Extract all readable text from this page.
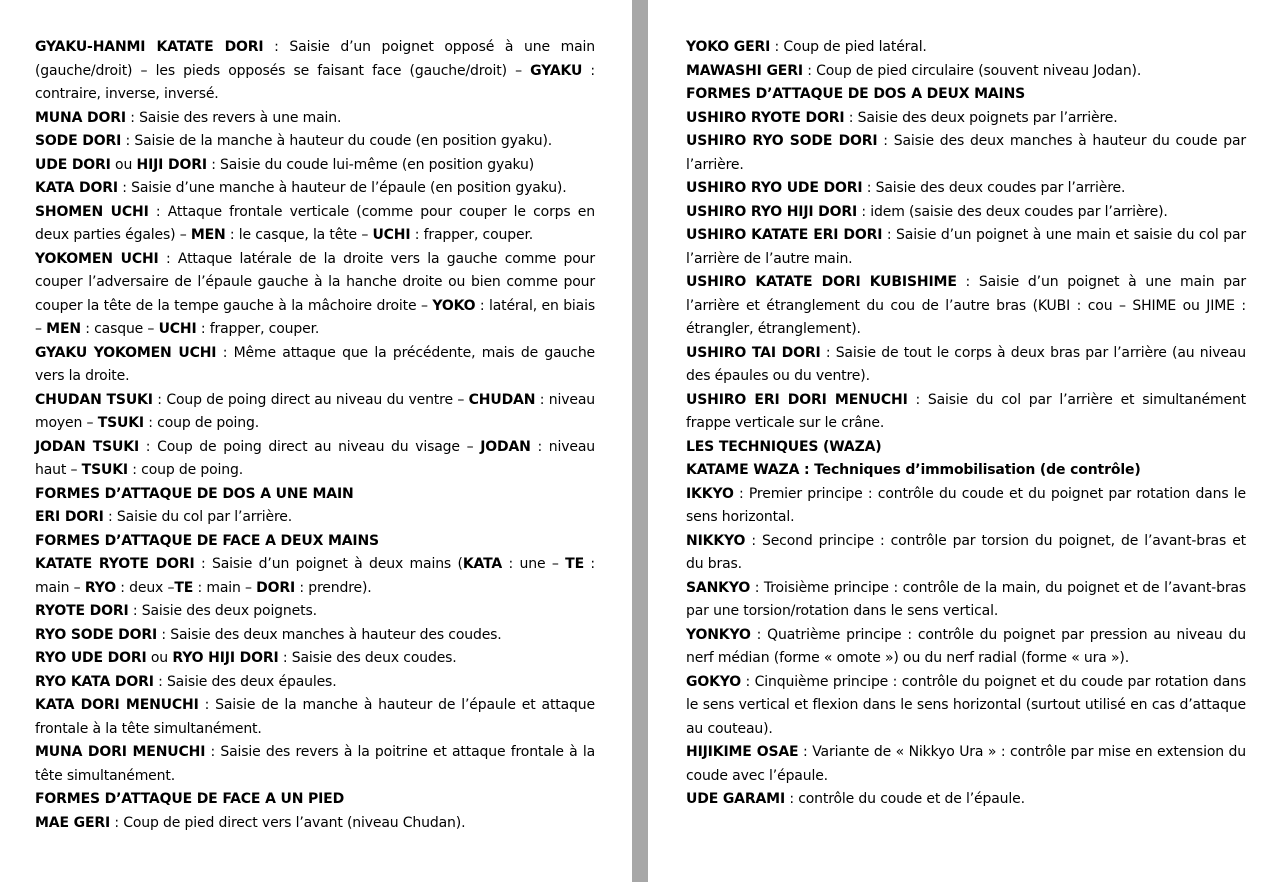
GYAKU-HANMI KATATE DORI : Saisie d’un poignet opposé à une main (gauche/droit) – les pieds opposés se faisant face (gauche/droit) – GYAKU : contraire, inverse, inversé.

MUNA DORI : Saisie des revers à une main.

SODE DORI : Saisie de la manche à hauteur du coude (en position gyaku).

UDE DORI ou HIJI DORI : Saisie du coude lui-même (en position gyaku)

KATA DORI : Saisie d’une manche à hauteur de l’épaule (en position gyaku).

SHOMEN UCHI : Attaque frontale verticale (comme pour couper le corps en deux parties égales) – MEN : le casque, la tête – UCHI : frapper, couper.

YOKOMEN UCHI : Attaque latérale de la droite vers la gauche comme pour couper l’adversaire de l’épaule gauche à la hanche droite ou bien comme pour couper la tête de la tempe gauche à la mâchoire droite – YOKO : latéral, en biais – MEN : casque – UCHI : frapper, couper.

GYAKU YOKOMEN UCHI : Même attaque que la précédente, mais de gauche vers la droite.

CHUDAN TSUKI : Coup de poing direct au niveau du ventre – CHUDAN : niveau moyen – TSUKI : coup de poing.

JODAN TSUKI : Coup de poing direct au niveau du visage – JODAN : niveau haut – TSUKI : coup de poing.

FORMES D’ATTAQUE DE DOS A UNE MAIN

ERI DORI : Saisie du col par l’arrière.

FORMES D’ATTAQUE DE FACE A DEUX MAINS

KATATE RYOTE DORI : Saisie d’un poignet à deux mains (KATA : une – TE : main – RYO : deux –TE : main – DORI : prendre).

RYOTE DORI : Saisie des deux poignets.

RYO SODE DORI : Saisie des deux manches à hauteur des coudes.

RYO UDE DORI ou RYO HIJI DORI : Saisie des deux coudes.

RYO KATA DORI : Saisie des deux épaules.

KATA DORI MENUCHI : Saisie de la manche à hauteur de l’épaule et attaque frontale à la tête simultanément.

MUNA DORI MENUCHI : Saisie des revers à la poitrine et attaque frontale à la tête simultanément.

FORMES D’ATTAQUE DE FACE A UN PIED

MAE GERI : Coup de pied direct vers l’avant (niveau Chudan).

YOKO GERI : Coup de pied latéral.

MAWASHI GERI : Coup de pied circulaire (souvent niveau Jodan).

FORMES D’ATTAQUE DE DOS A DEUX MAINS

USHIRO RYOTE DORI : Saisie des deux poignets par l’arrière.

USHIRO RYO SODE DORI : Saisie des deux manches à hauteur du coude par l’arrière.

USHIRO RYO UDE DORI : Saisie des deux coudes par l’arrière.

USHIRO RYO HIJI DORI : idem (saisie des deux coudes par l’arrière).

USHIRO KATATE ERI DORI : Saisie d’un poignet à une main et saisie du col par l’arrière de l’autre main.

USHIRO KATATE DORI KUBISHIME : Saisie d’un poignet à une main par l’arrière et étranglement du cou de l’autre bras (KUBI : cou – SHIME ou JIME : étrangler, étranglement).

USHIRO TAI DORI : Saisie de tout le corps à deux bras par l’arrière (au niveau des épaules ou du ventre).

USHIRO ERI DORI MENUCHI : Saisie du col par l’arrière et simultanément frappe verticale sur le crâne.

LES TECHNIQUES (WAZA)

KATAME WAZA : Techniques d’immobilisation (de contrôle)

IKKYO : Premier principe : contrôle du coude et du poignet par rotation dans le sens horizontal.

NIKKYO : Second principe : contrôle par torsion du poignet, de l’avant-bras et du bras.

SANKYO : Troisième principe : contrôle de la main, du poignet et de l’avant-bras par une torsion/rotation dans le sens vertical.

YONKYO : Quatrième principe : contrôle du poignet par pression au niveau du nerf médian (forme « omote ») ou du nerf radial (forme « ura »).

GOKYO : Cinquième principe : contrôle du poignet et du coude par rotation dans le sens vertical et flexion dans le sens horizontal (surtout utilisé en cas d’attaque au couteau).

HIJIKIME OSAE : Variante de « Nikkyo Ura » : contrôle par mise en extension du coude avec l’épaule.

UDE GARAMI : contrôle du coude et de l’épaule.
